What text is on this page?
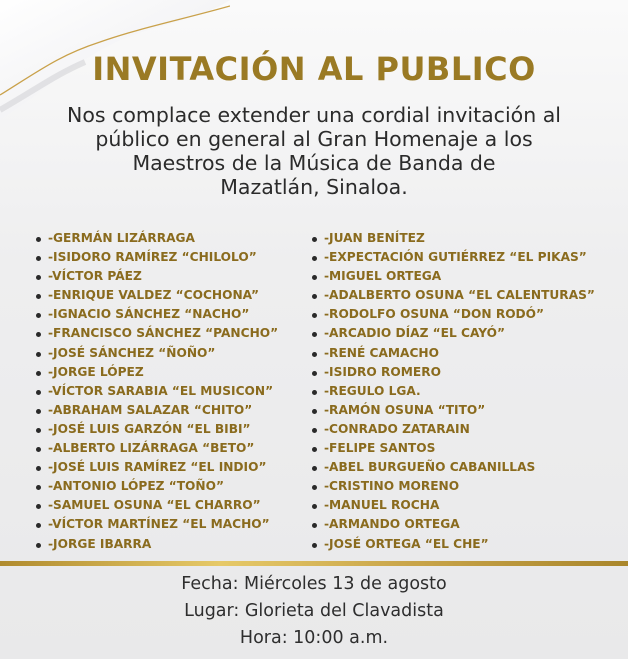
INVITACIÓN AL PUBLICO

Nos complace extender una cordial invitación al
público en general al Gran Homenaje a los
Maestros de la Música de Banda de
Mazatlán, Sinaloa.

-GERMÁN LIZÁRRAGA
-ISIDORO RAMÍREZ “CHILOLO”
-VÍCTOR PÁEZ
-ENRIQUE VALDEZ “COCHONA”
-IGNACIO SÁNCHEZ “NACHO”
-FRANCISCO SÁNCHEZ “PANCHO”
-JOSÉ SÁNCHEZ “ÑOÑO”
-JORGE LÓPEZ
-VÍCTOR SARABIA “EL MUSICON”
-ABRAHAM SALAZAR “CHITO”
-JOSÉ LUIS GARZÓN “EL BIBI”
-ALBERTO LIZÁRRAGA “BETO”
-JOSÉ LUIS RAMÍREZ “EL INDIO”
-ANTONIO LÓPEZ “TOÑO”
-SAMUEL OSUNA “EL CHARRO”
-VÍCTOR MARTÍNEZ “EL MACHO”
-JORGE IBARRA
-JUAN BENÍTEZ
-EXPECTACIÓN GUTIÉRREZ “EL PIKAS”
-MIGUEL ORTEGA
-ADALBERTO OSUNA “EL CALENTURAS”
-RODOLFO OSUNA “DON RODÓ”
-ARCADIO DÍAZ “EL CAYÓ”
-RENÉ CAMACHO
-ISIDRO ROMERO
-REGULO LGA.
-RAMÓN OSUNA “TITO”
-CONRADO ZATARAIN
-FELIPE SANTOS
-ABEL BURGUEÑO CABANILLAS
-CRISTINO MORENO
-MANUEL ROCHA
-ARMANDO ORTEGA
-JOSÉ ORTEGA “EL CHE”

Fecha: Miércoles 13 de agosto

Lugar: Glorieta del Clavadista

Hora: 10:00 a.m.
